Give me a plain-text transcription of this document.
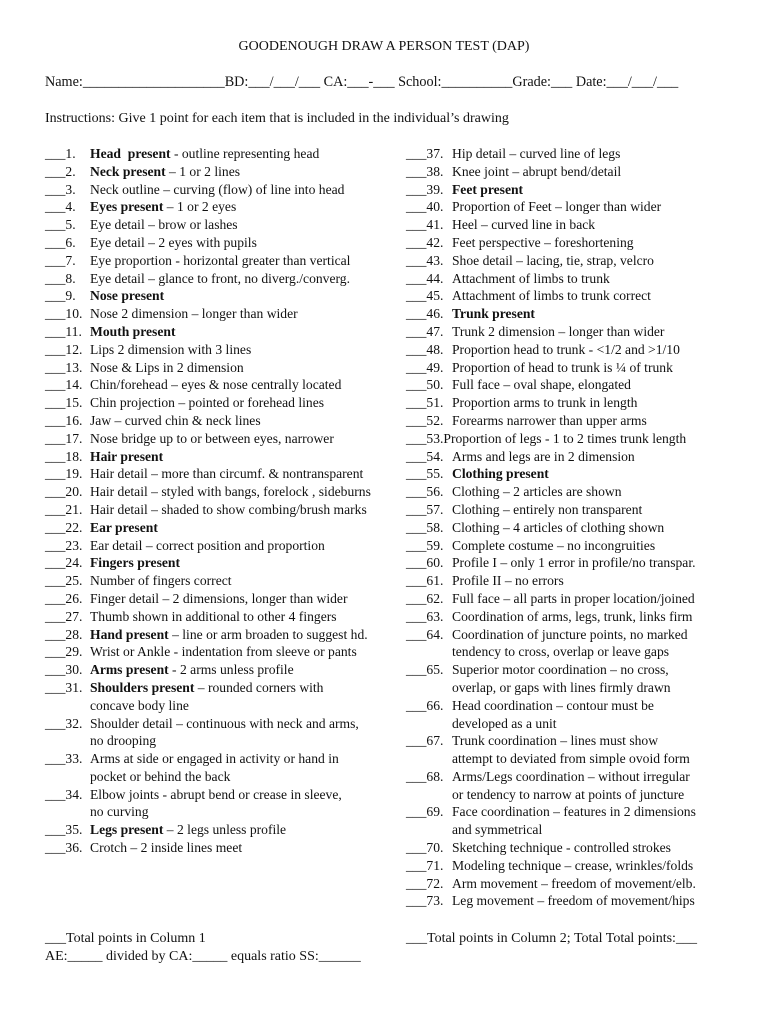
GOODENOUGH DRAW A PERSON TEST (DAP)
Name:____________________BD:___/___/___ CA:___-___ School:__________Grade:___ Date:___/___/___
Instructions: Give 1 point for each item that is included in the individual’s drawing
___1.	Head  present - outline representing head
___2.	Neck present – 1 or 2 lines
___3.	Neck outline – curving (flow) of line into head
___4.	Eyes present – 1 or 2 eyes
___5.	Eye detail – brow or lashes
___6.	Eye detail – 2 eyes with pupils
___7.	Eye proportion - horizontal greater than vertical
___8.	Eye detail – glance to front, no diverg./converg.
___9.	Nose present
___10. Nose 2 dimension – longer than wider
___11. Mouth present
___12. Lips 2 dimension with 3 lines
___13. Nose & Lips in 2 dimension
___14. Chin/forehead – eyes & nose centrally located
___15. Chin projection – pointed or forehead lines
___16. Jaw – curved chin & neck lines
___17. Nose bridge up to or between eyes, narrower
___18. Hair present
___19. Hair detail – more than circumf. & nontransparent
___20. Hair detail – styled with bangs, forelock , sideburns
___21. Hair detail – shaded to show combing/brush marks
___22. Ear present
___23. Ear detail – correct position and proportion
___24. Fingers present
___25. Number of fingers correct
___26. Finger detail – 2 dimensions, longer than wider
___27. Thumb shown in additional to other 4 fingers
___28. Hand present – line or arm broaden to suggest hd.
___29. Wrist or Ankle - indentation from sleeve or pants
___30. Arms present - 2 arms unless profile
___31. Shoulders present – rounded corners with
concave body line
___32. Shoulder detail – continuous with neck and arms,
no drooping
___33. Arms at side or engaged in activity or hand in
pocket or behind the back
___34. Elbow joints - abrupt bend or crease in sleeve,
no curving
___35. Legs present – 2 legs unless profile
___36. Crotch – 2 inside lines meet
___37. Hip detail – curved line of legs
___38. Knee joint – abrupt bend/detail
___39. Feet present
___40. Proportion of Feet – longer than wider
___41. Heel – curved line in back
___42. Feet perspective – foreshortening
___43. Shoe detail – lacing, tie, strap, velcro
___44. Attachment of limbs to trunk
___45. Attachment of limbs to trunk correct
___46. Trunk present
___47. Trunk 2 dimension – longer than wider
___48. Proportion head to trunk - <1/2 and >1/10
___49. Proportion of head to trunk is ¼ of trunk
___50. Full face – oval shape, elongated
___51. Proportion arms to trunk in length
___52. Forearms narrower than upper arms
___53. Proportion of legs - 1 to 2 times trunk length
___54. Arms and legs are in 2 dimension
___55. Clothing present
___56. Clothing – 2 articles are shown
___57. Clothing – entirely non transparent
___58. Clothing – 4 articles of clothing shown
___59. Complete costume – no incongruities
___60. Profile I – only 1 error in profile/no transpar.
___61. Profile II – no errors
___62. Full face – all parts in proper location/joined
___63. Coordination of arms, legs, trunk, links firm
___64. Coordination of juncture points, no marked
tendency to cross, overlap or leave gaps
___65. Superior motor coordination – no cross,
overlap, or gaps with lines firmly drawn
___66. Head coordination – contour must be
developed as a unit
___67. Trunk coordination – lines must show
attempt to deviated from simple ovoid form
___68. Arms/Legs coordination – without irregular
or tendency to narrow at points of juncture
___69. Face coordination – features in 2 dimensions
and symmetrical
___70. Sketching technique - controlled strokes
___71. Modeling technique – crease, wrinkles/folds
___72. Arm movement – freedom of movement/elb.
___73. Leg movement – freedom of movement/hips
___Total points in Column 1
AE:_____ divided by CA:_____ equals ratio SS:______
___Total points in Column 2; Total Total points:___
